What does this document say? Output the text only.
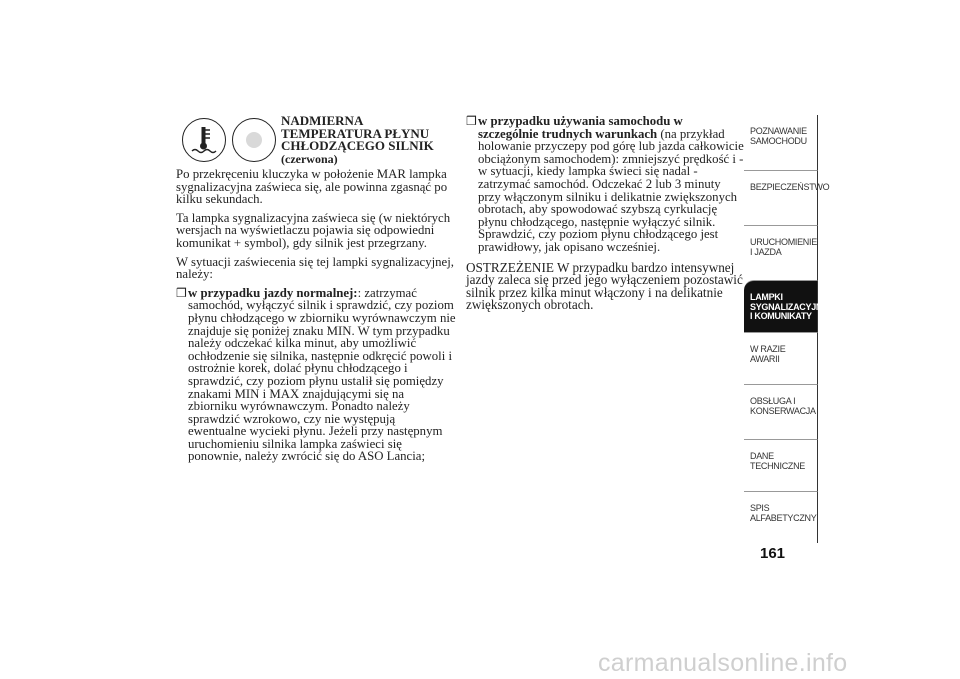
NADMIERNA
TEMPERATURA PŁYNU
CHŁODZĄCEGO SILNIK
(czerwona)

Po przekręceniu kluczyka w położenie MAR lampka sygnalizacyjna zaświeca się, ale powinna zgasnąć po kilku sekundach.

Ta lampka sygnalizacyjna zaświeca się (w niektórych wersjach na wyświetlaczu pojawia się odpowiedni komunikat + symbol), gdy silnik jest przegrzany.

W sytuacji zaświecenia się tej lampki sygnalizacyjnej, należy:

❒ w przypadku jazdy normalnej:: zatrzymać samochód, wyłączyć silnik i sprawdzić, czy poziom płynu chłodzącego w zbiorniku wyrównawczym nie znajduje się poniżej znaku MIN. W tym przypadku należy odczekać kilka minut, aby umożliwić ochłodzenie się silnika, następnie odkręcić powoli i ostrożnie korek, dolać płynu chłodzącego i sprawdzić, czy poziom płynu ustalił się pomiędzy znakami MIN i MAX znajdującymi się na zbiorniku wyrównawczym. Ponadto należy sprawdzić wzrokowo, czy nie występują ewentualne wycieki płynu. Jeżeli przy następnym uruchomieniu silnika lampka zaświeci się ponownie, należy zwrócić się do ASO Lancia;
❒ w przypadku używania samochodu w szczególnie trudnych warunkach (na przykład holowanie przyczepy pod górę lub jazda całkowicie obciążonym samochodem): zmniejszyć prędkość i - w sytuacji, kiedy lampka świeci się nadal - zatrzymać samochód. Odczekać 2 lub 3 minuty przy włączonym silniku i delikatnie zwiększonych obrotach, aby spowodować szybszą cyrkulację płynu chłodzącego, następnie wyłączyć silnik. Sprawdzić, czy poziom płynu chłodzącego jest prawidłowy, jak opisano wcześniej.

OSTRZEŻENIE W przypadku bardzo intensywnej jazdy zaleca się przed jego wyłączeniem pozostawić silnik przez kilka minut włączony i na delikatnie zwiększonych obrotach.

POZNAWANIE SAMOCHODU
BEZPIECZEŃSTWO
URUCHOMIENIE I JAZDA
LAMPKI SYGNALIZACYJNE I KOMUNIKATY
W RAZIE AWARII
OBSŁUGA I KONSERWACJA
DANE TECHNICZNE
SPIS ALFABETYCZNY
161
carmanualsonline.info
